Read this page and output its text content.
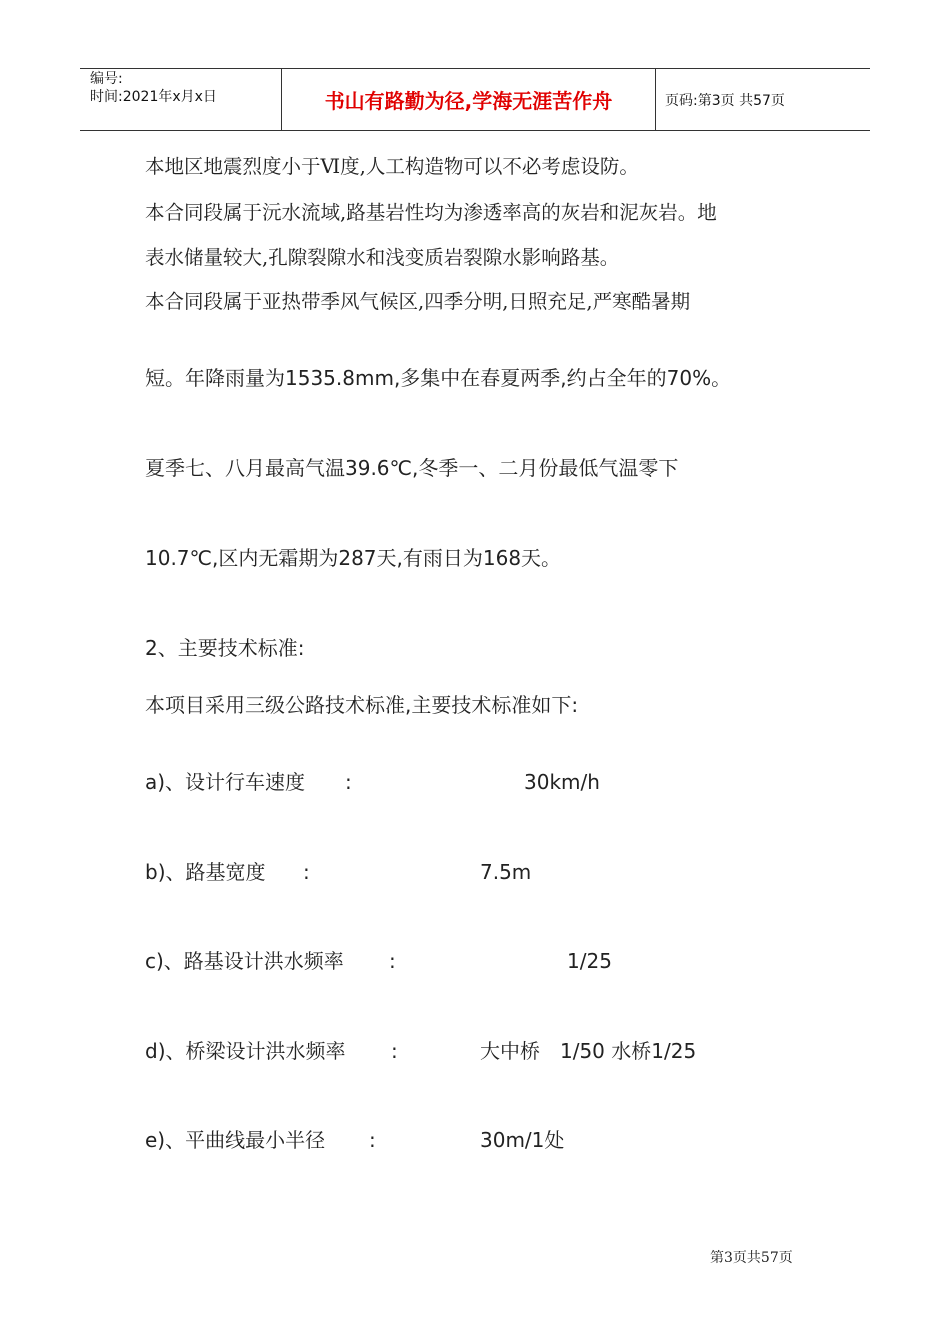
编号:
时间:2021年x月x日	书山有路勤为径,学海无涯苦作舟	页码:第3页 共57页
本地区地震烈度小于Ⅵ度,人工构造物可以不必考虑设防。
本合同段属于沅水流域,路基岩性均为渗透率高的灰岩和泥灰岩。地
表水储量较大,孔隙裂隙水和浅变质岩裂隙水影响路基。
本合同段属于亚热带季风气候区,四季分明,日照充足,严寒酷暑期
短。年降雨量为1535.8mm,多集中在春夏两季,约占全年的70%。
夏季七、八月最高气温39.6℃,冬季一、二月份最低气温零下
10.7℃,区内无霜期为287天,有雨日为168天。
2、主要技术标准:
本项目采用三级公路技术标准,主要技术标准如下:
a)、设计行车速度 :	30km/h
b)、路基宽度 :	7.5m
c)、路基设计洪水频率 :	1/25
d)、桥梁设计洪水频率 :	大中桥　1/50 水桥1/25
e)、平曲线最小半径 :	30m/1处
第3页共57页
